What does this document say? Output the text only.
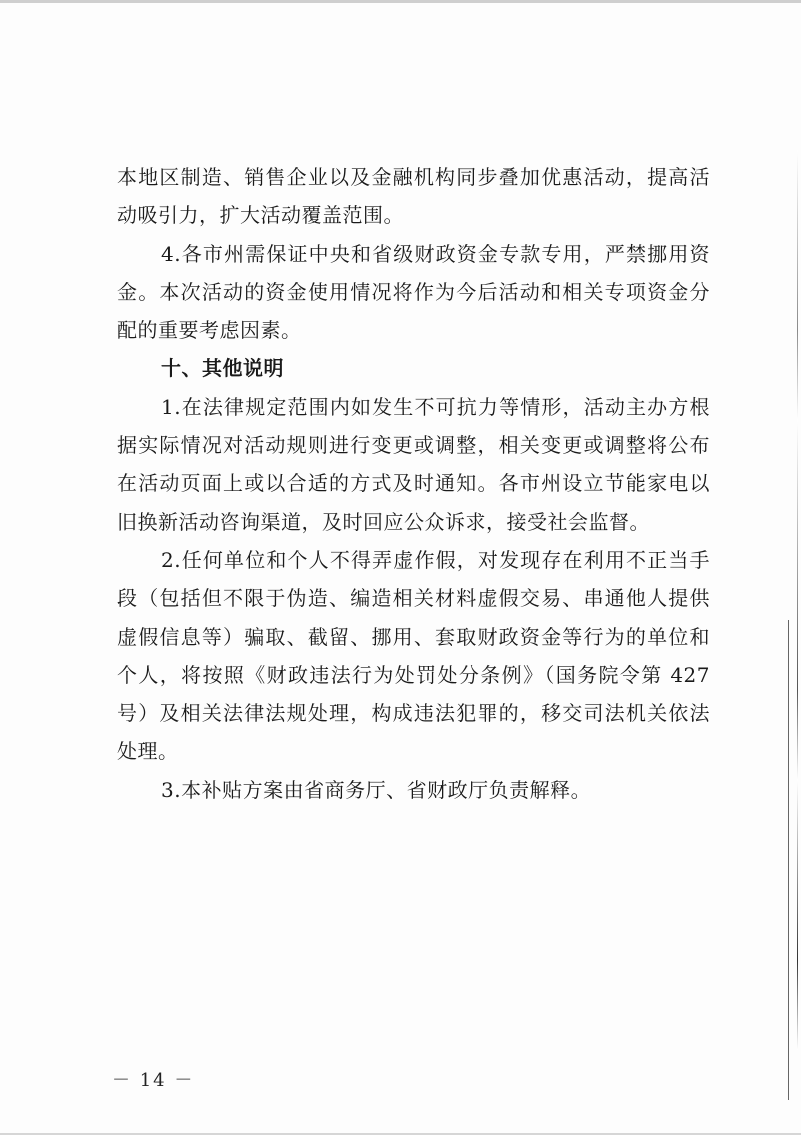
本地区制造、销售企业以及金融机构同步叠加优惠活动，提高活
动吸引力，扩大活动覆盖范围。
4.各市州需保证中央和省级财政资金专款专用，严禁挪用资
金。本次活动的资金使用情况将作为今后活动和相关专项资金分
配的重要考虑因素。
十、其他说明
1.在法律规定范围内如发生不可抗力等情形，活动主办方根
据实际情况对活动规则进行变更或调整，相关变更或调整将公布
在活动页面上或以合适的方式及时通知。各市州设立节能家电以
旧换新活动咨询渠道，及时回应公众诉求，接受社会监督。
2.任何单位和个人不得弄虚作假，对发现存在利用不正当手
段（包括但不限于伪造、编造相关材料虚假交易、串通他人提供
虚假信息等）骗取、截留、挪用、套取财政资金等行为的单位和
个人，将按照《财政违法行为处罚处分条例》（国务院令第 427
号）及相关法律法规处理，构成违法犯罪的，移交司法机关依法
处理。
3.本补贴方案由省商务厅、省财政厅负责解释。
－ 14 －
